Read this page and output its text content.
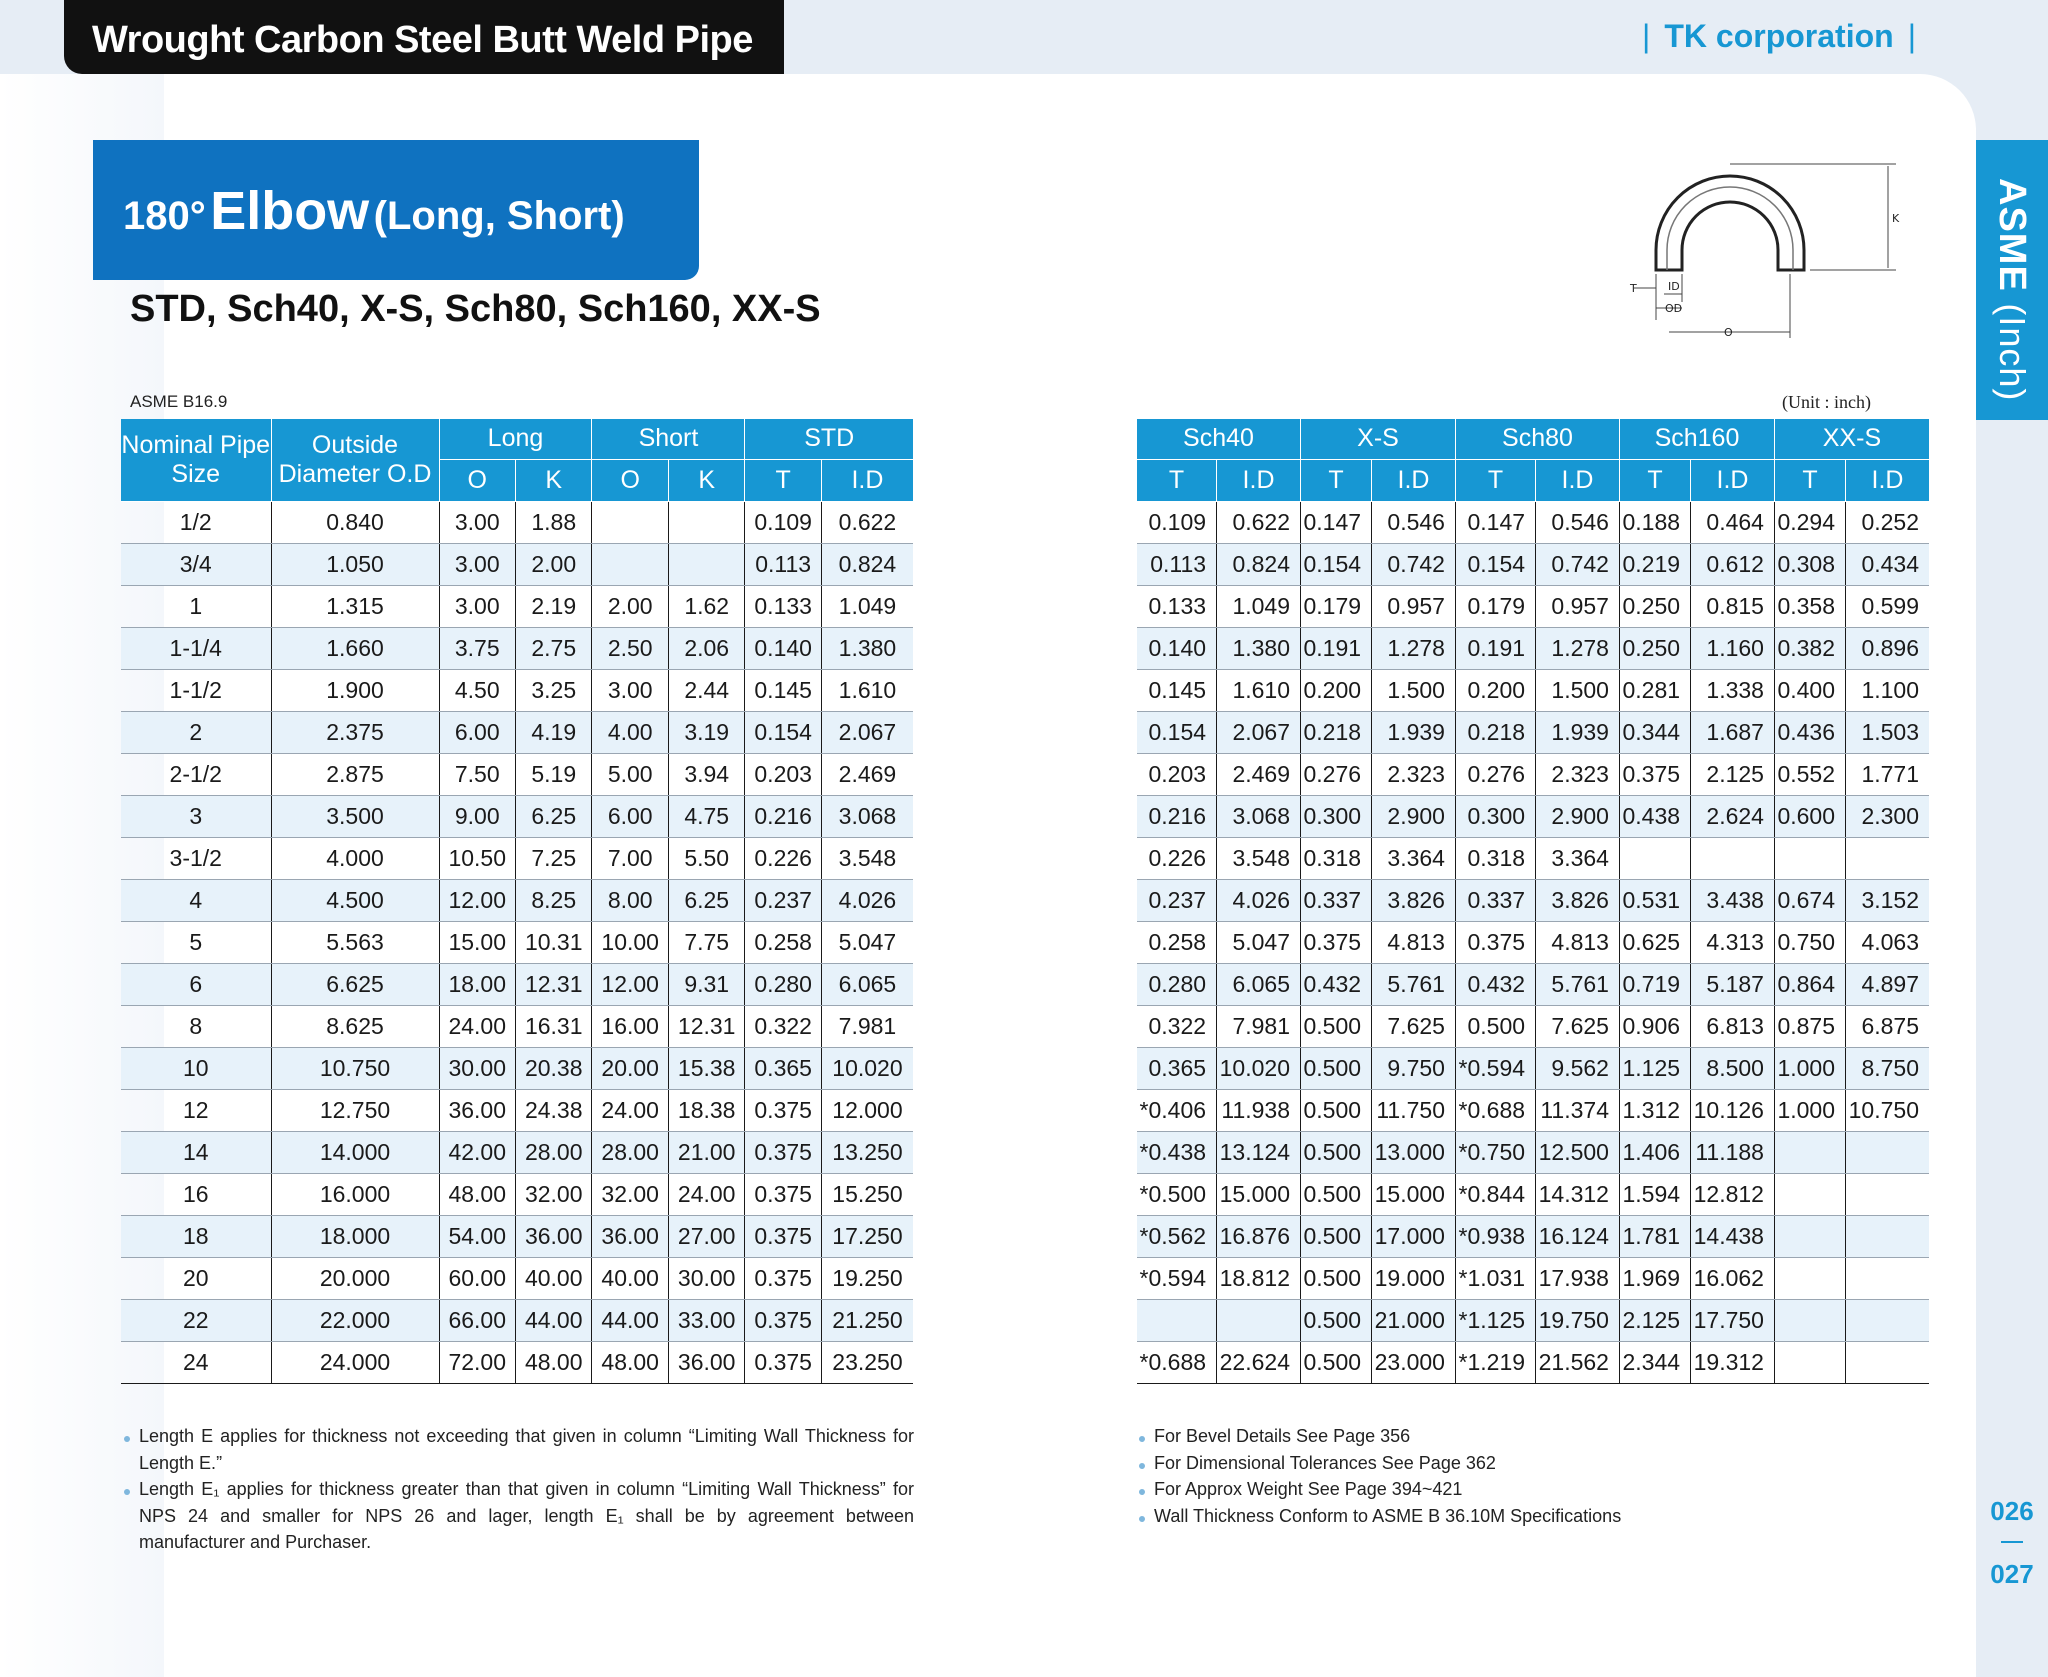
Wrought Carbon Steel Butt Weld Pipe	| TK corporation |
ASME (Inch)
026
027
180° Elbow (Long, Short)
STD, Sch40, X-S, Sch80, Sch160, XX-S
K
ID
OD
T
O
ASME B16.9	(Unit : inch)
Nominal Pipe Size	Outside Diameter O.D	Long		Short		STD	
		O	K	O	K	T	I.D
1/2	0.840	3.00	1.88			0.109	0.622
3/4	1.050	3.00	2.00			0.113	0.824
1	1.315	3.00	2.19	2.00	1.62	0.133	1.049
1-1/4	1.660	3.75	2.75	2.50	2.06	0.140	1.380
1-1/2	1.900	4.50	3.25	3.00	2.44	0.145	1.610
2	2.375	6.00	4.19	4.00	3.19	0.154	2.067
2-1/2	2.875	7.50	5.19	5.00	3.94	0.203	2.469
3	3.500	9.00	6.25	6.00	4.75	0.216	3.068
3-1/2	4.000	10.50	7.25	7.00	5.50	0.226	3.548
4	4.500	12.00	8.25	8.00	6.25	0.237	4.026
5	5.563	15.00	10.31	10.00	7.75	0.258	5.047
6	6.625	18.00	12.31	12.00	9.31	0.280	6.065
8	8.625	24.00	16.31	16.00	12.31	0.322	7.981
10	10.750	30.00	20.38	20.00	15.38	0.365	10.020
12	12.750	36.00	24.38	24.00	18.38	0.375	12.000
14	14.000	42.00	28.00	28.00	21.00	0.375	13.250
16	16.000	48.00	32.00	32.00	24.00	0.375	15.250
18	18.000	54.00	36.00	36.00	27.00	0.375	17.250
20	20.000	60.00	40.00	40.00	30.00	0.375	19.250
22	22.000	66.00	44.00	44.00	33.00	0.375	21.250
24	24.000	72.00	48.00	48.00	36.00	0.375	23.250
Sch40		X-S		Sch80		Sch160		XX-S	
T	I.D	T	I.D	T	I.D	T	I.D	T	I.D
0.109	0.622	0.147	0.546	0.147	0.546	0.188	0.464	0.294	0.252
0.113	0.824	0.154	0.742	0.154	0.742	0.219	0.612	0.308	0.434
0.133	1.049	0.179	0.957	0.179	0.957	0.250	0.815	0.358	0.599
0.140	1.380	0.191	1.278	0.191	1.278	0.250	1.160	0.382	0.896
0.145	1.610	0.200	1.500	0.200	1.500	0.281	1.338	0.400	1.100
0.154	2.067	0.218	1.939	0.218	1.939	0.344	1.687	0.436	1.503
0.203	2.469	0.276	2.323	0.276	2.323	0.375	2.125	0.552	1.771
0.216	3.068	0.300	2.900	0.300	2.900	0.438	2.624	0.600	2.300
0.226	3.548	0.318	3.364	0.318	3.364				
0.237	4.026	0.337	3.826	0.337	3.826	0.531	3.438	0.674	3.152
0.258	5.047	0.375	4.813	0.375	4.813	0.625	4.313	0.750	4.063
0.280	6.065	0.432	5.761	0.432	5.761	0.719	5.187	0.864	4.897
0.322	7.981	0.500	7.625	0.500	7.625	0.906	6.813	0.875	6.875
0.365	10.020	0.500	9.750	*0.594	9.562	1.125	8.500	1.000	8.750
*0.406	11.938	0.500	11.750	*0.688	11.374	1.312	10.126	1.000	10.750
*0.438	13.124	0.500	13.000	*0.750	12.500	1.406	11.188		
*0.500	15.000	0.500	15.000	*0.844	14.312	1.594	12.812		
*0.562	16.876	0.500	17.000	*0.938	16.124	1.781	14.438		
*0.594	18.812	0.500	19.000	*1.031	17.938	1.969	16.062		
		0.500	21.000	*1.125	19.750	2.125	17.750		
*0.688	22.624	0.500	23.000	*1.219	21.562	2.344	19.312		
Length E applies for thickness not exceeding that given in column “Limiting Wall Thickness for Length E.”
Length E₁ applies for thickness greater than that given in column “Limiting Wall Thickness” for NPS 24 and smaller for NPS 26 and lager, length E₁ shall be by agreement between manufacturer and Purchaser.
For Bevel Details See Page 356
For Dimensional Tolerances See Page 362
For Approx Weight See Page 394~421
Wall Thickness Conform to ASME B 36.10M Specifications
